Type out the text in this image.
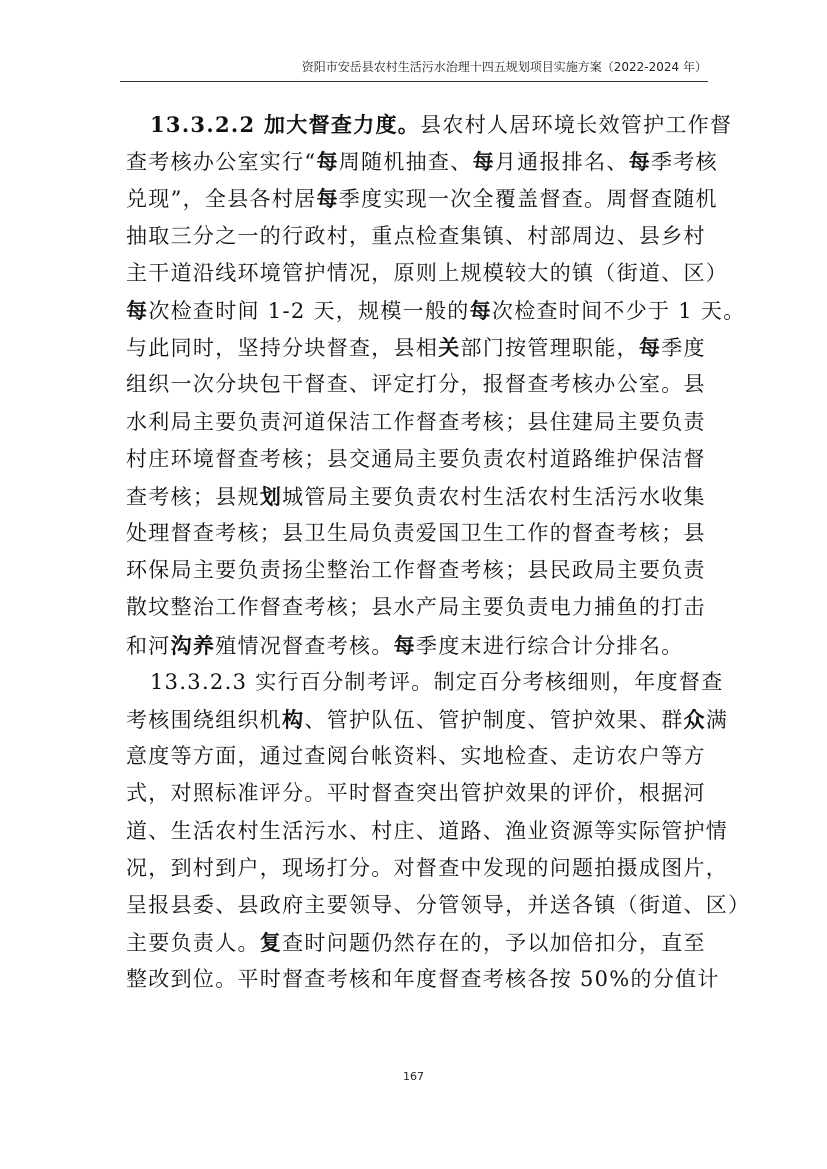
资阳市安岳县农村生活污水治理十四五规划项目实施方案（2022-2024 年）
13.3.2.2 加大督查力度。县农村人居环境长效管护工作督
查考核办公室实行“每周随机抽查、每月通报排名、每季考核
兑现”，全县各村居每季度实现一次全覆盖督查。周督查随机
抽取三分之一的行政村，重点检查集镇、村部周边、县乡村
主干道沿线环境管护情况，原则上规模较大的镇（街道、区）
每次检查时间 1-2 天，规模一般的每次检查时间不少于 1 天。
与此同时，坚持分块督查，县相关部门按管理职能，每季度
组织一次分块包干督查、评定打分，报督查考核办公室。县
水利局主要负责河道保洁工作督查考核；县住建局主要负责
村庄环境督查考核；县交通局主要负责农村道路维护保洁督
查考核；县规划城管局主要负责农村生活农村生活污水收集
处理督查考核；县卫生局负责爱国卫生工作的督查考核；县
环保局主要负责扬尘整治工作督查考核；县民政局主要负责
散坟整治工作督查考核；县水产局主要负责电力捕鱼的打击
和河沟养殖情况督查考核。每季度末进行综合计分排名。
13.3.2.3 实行百分制考评。制定百分考核细则，年度督查
考核围绕组织机构、管护队伍、管护制度、管护效果、群众满
意度等方面，通过查阅台帐资料、实地检查、走访农户等方
式，对照标准评分。平时督查突出管护效果的评价，根据河
道、生活农村生活污水、村庄、道路、渔业资源等实际管护情
况，到村到户，现场打分。对督查中发现的问题拍摄成图片，
呈报县委、县政府主要领导、分管领导，并送各镇（街道、区）
主要负责人。复查时问题仍然存在的，予以加倍扣分，直至
整改到位。平时督查考核和年度督查考核各按 50%的分值计
167
